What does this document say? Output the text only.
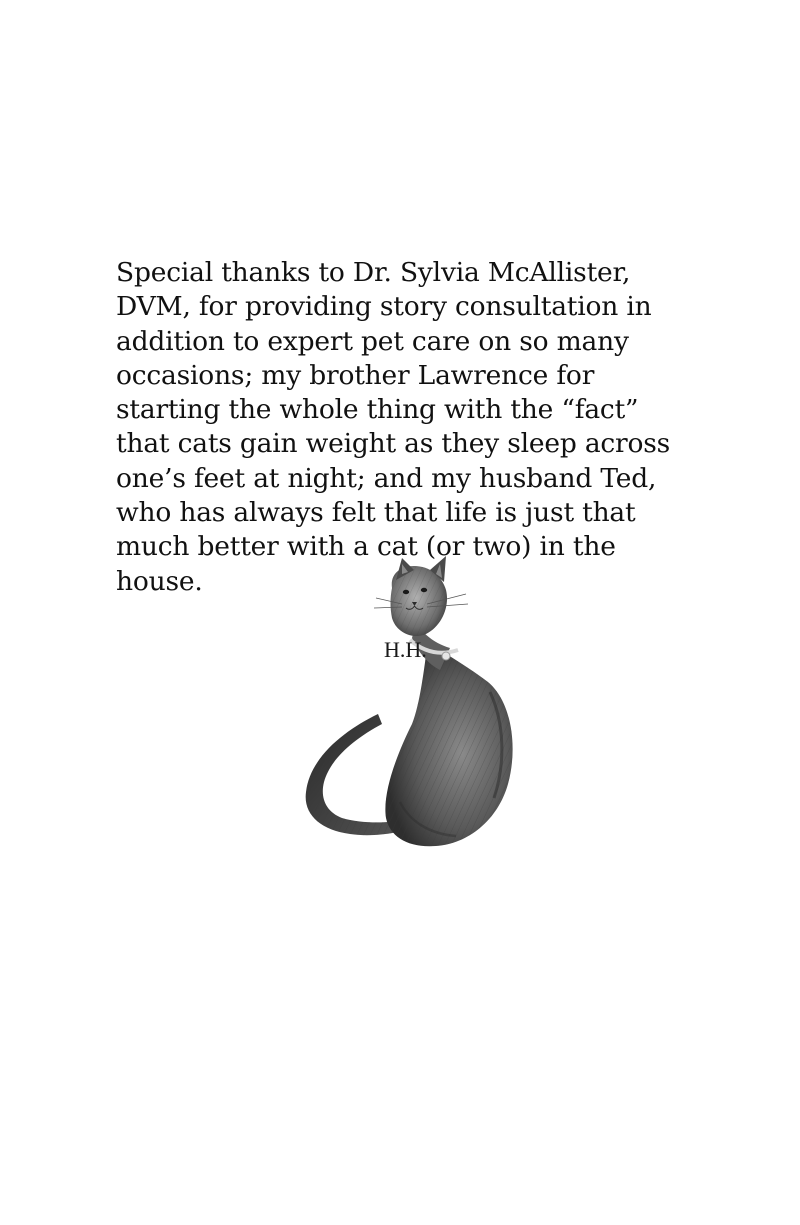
Special thanks to Dr. Sylvia McAllister,
DVM, for providing story consultation in
addition to expert pet care on so many
occasions; my brother Lawrence for
starting the whole thing with the “fact”
that cats gain weight as they sleep across
one’s feet at night; and my husband Ted,
who has always felt that life is just that
much better with a cat (or two) in the
house.

H.H.
